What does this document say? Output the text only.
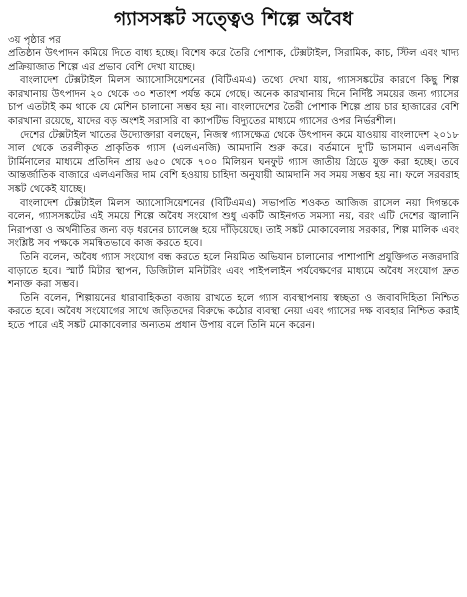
গ্যাসসঙ্কট সত্ত্বেও শিল্পে অবৈধ
৩য় পৃষ্ঠার পর

প্রতিষ্ঠান উৎপাদন কমিয়ে দিতে বাধ্য হচ্ছে। বিশেষ করে তৈরি পোশাক, টেক্সটাইল, সিরামিক, কাচ, স্টিল এবং খাদ্য প্রক্রিয়াজাত শিল্পে এর প্রভাব বেশি দেখা যাচ্ছে।

বাংলাদেশ টেক্সটাইল মিলস অ্যাসোসিয়েশনের (বিটিএমএ) তথ্যে দেখা যায়, গ্যাসসঙ্কটের কারণে কিছু শিল্প কারখানায় উৎপাদন ২০ থেকে ৩০ শতাংশ পর্যন্ত কমে গেছে। অনেক কারখানায় দিনে নির্দিষ্ট সময়ের জন্য গ্যাসের চাপ এতটাই কম থাকে যে মেশিন চালানো সম্ভব হয় না। বাংলাদেশের তৈরী পোশাক শিল্পে প্রায় চার হাজারের বেশি কারখানা রয়েছে, যাদের বড় অংশই সরাসরি বা ক্যাপটিভ বিদ্যুতের মাধ্যমে গ্যাসের ওপর নির্ভরশীল।

দেশের টেক্সটাইল খাতের উদ্যোক্তারা বলছেন, নিজস্ব গ্যাসক্ষেত্র থেকে উৎপাদন কমে যাওয়ায় বাংলাদেশ ২০১৮ সাল থেকে তরলীকৃত প্রাকৃতিক গ্যাস (এলএনজি) আমদানি শুরু করে। বর্তমানে দু'টি ভাসমান এলএনজি টার্মিনালের মাধ্যমে প্রতিদিন প্রায় ৬৫০ থেকে ৭০০ মিলিয়ন ঘনফুট গ্যাস জাতীয় গ্রিডে যুক্ত করা হচ্ছে। তবে আন্তর্জাতিক বাজারে এলএনজির দাম বেশি হওয়ায় চাহিদা অনুযায়ী আমদানি সব সময় সম্ভব হয় না। ফলে সরবরাহ সঙ্কট থেকেই যাচ্ছে।

বাংলাদেশ টেক্সটাইল মিলস অ্যাসোসিয়েশনের (বিটিএমএ) সভাপতি শওকত আজিজ রাসেল নয়া দিগন্তকে বলেন, গ্যাসসঙ্কটের এই সময়ে শিল্পে অবৈধ সংযোগ শুধু একটি আইনগত সমস্যা নয়, বরং এটি দেশের জ্বালানি নিরাপত্তা ও অর্থনীতির জন্য বড় ধরনের চ্যালেঞ্জ হয়ে দাঁড়িয়েছে। তাই সঙ্কট মোকাবেলায় সরকার, শিল্প মালিক এবং সংশ্লিষ্ট সব পক্ষকে সমন্বিতভাবে কাজ করতে হবে।

তিনি বলেন, অবৈধ গ্যাস সংযোগ বন্ধ করতে হলে নিয়মিত অভিযান চালানোর পাশাপাশি প্রযুক্তিগত নজরদারি বাড়াতে হবে। স্মার্ট মিটার স্থাপন, ডিজিটাল মনিটরিং এবং পাইপলাইন পর্যবেক্ষণের মাধ্যমে অবৈধ সংযোগ দ্রুত শনাক্ত করা সম্ভব।

তিনি বলেন, শিল্পায়নের ধারাবাহিকতা বজায় রাখতে হলে গ্যাস ব্যবস্থাপনায় স্বচ্ছতা ও জবাবদিহিতা নিশ্চিত করতে হবে। অবৈধ সংযোগের সাথে জড়িতদের বিরুদ্ধে কঠোর ব্যবস্থা নেয়া এবং গ্যাসের দক্ষ ব্যবহার নিশ্চিত করাই হতে পারে এই সঙ্কট মোকাবেলার অন্যতম প্রধান উপায় বলে তিনি মনে করেন।
